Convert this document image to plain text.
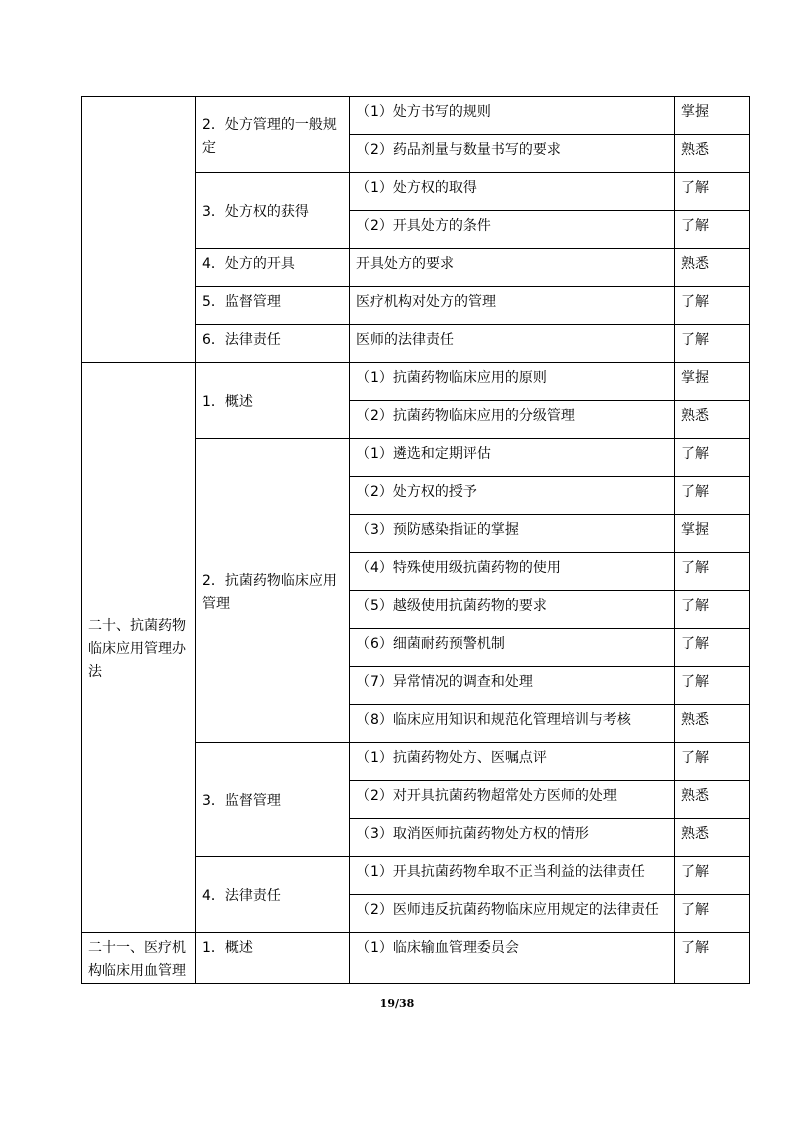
	2．处方管理的一般规定	（1）处方书写的规则	掌握
		（2）药品剂量与数量书写的要求	熟悉
	3．处方权的获得	（1）处方权的取得	了解
		（2）开具处方的条件	了解
	4．处方的开具	开具处方的要求	熟悉
	5．监督管理	医疗机构对处方的管理	了解
	6．法律责任	医师的法律责任	了解
二十、抗菌药物临床应用管理办法	1．概述	（1）抗菌药物临床应用的原则	掌握
		（2）抗菌药物临床应用的分级管理	熟悉
	2．抗菌药物临床应用管理	（1）遴选和定期评估	了解
		（2）处方权的授予	了解
		（3）预防感染指证的掌握	掌握
		（4）特殊使用级抗菌药物的使用	了解
		（5）越级使用抗菌药物的要求	了解
		（6）细菌耐药预警机制	了解
		（7）异常情况的调查和处理	了解
		（8）临床应用知识和规范化管理培训与考核	熟悉
	3．监督管理	（1）抗菌药物处方、医嘱点评	了解
		（2）对开具抗菌药物超常处方医师的处理	熟悉
		（3）取消医师抗菌药物处方权的情形	熟悉
	4．法律责任	（1）开具抗菌药物牟取不正当利益的法律责任	了解
		（2）医师违反抗菌药物临床应用规定的法律责任	了解
二十一、医疗机构临床用血管理	1．概述	（1）临床输血管理委员会	了解
19/38
